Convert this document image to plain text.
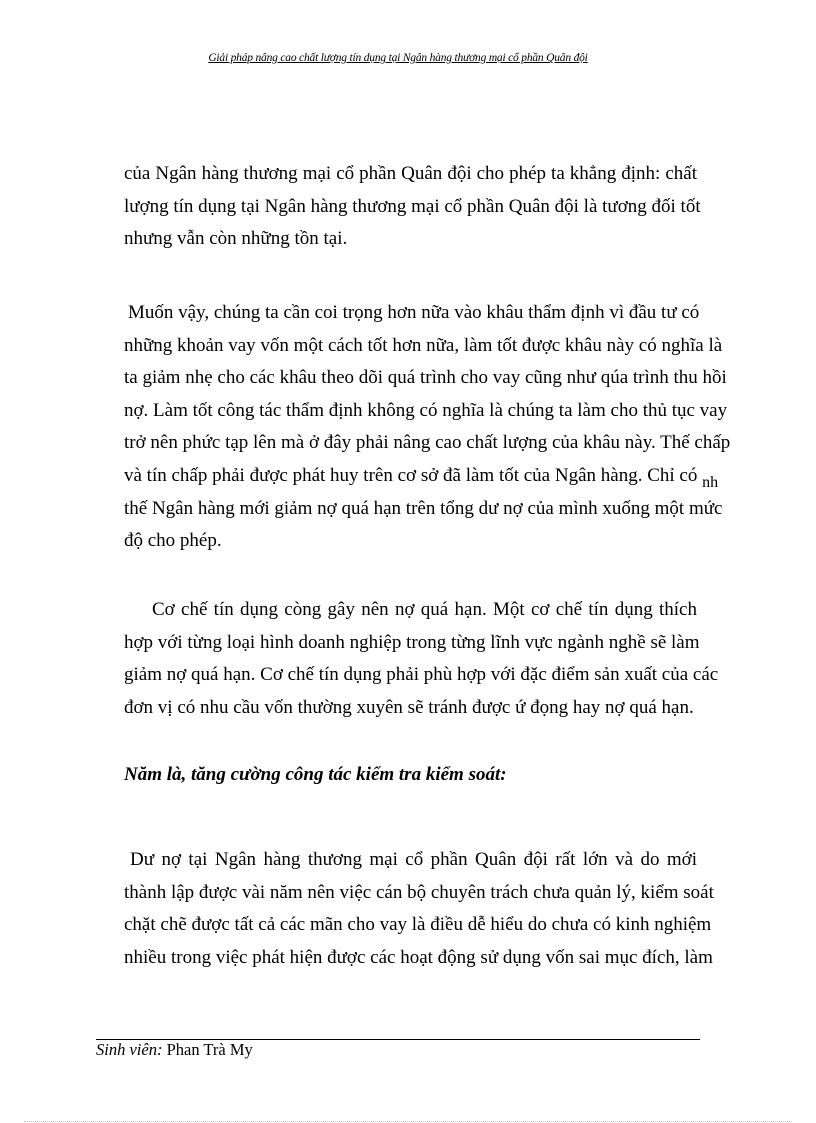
Giải pháp nâng cao chất lượng tín dụng tại Ngân hàng thương mại cổ phần Quân đội

của Ngân hàng thương mại cổ phần Quân đội cho phép ta khẳng định: chất
lượng tín dụng tại Ngân hàng thương mại cổ phần Quân đội là tương đối tốt
nhưng vẫn còn những tồn tại.

Muốn vậy, chúng ta cần coi trọng hơn nữa vào khâu thẩm định vì đầu tư có
những khoản vay vốn một cách tốt hơn nữa, làm tốt được khâu này có nghĩa là
ta giảm nhẹ cho các khâu theo dõi quá trình cho vay cũng như qúa trình thu hồi
nợ. Làm tốt công tác thẩm định không có nghĩa là chúng ta làm cho thủ tục vay
trở nên phức tạp lên mà ở đây phải nâng cao chất lượng của khâu này. Thế chấp
và tín chấp phải được phát huy trên cơ sở đã làm tốt của Ngân hàng. Chỉ có $_{nh}$
thế Ngân hàng mới giảm nợ quá hạn trên tổng dư nợ của mình xuống một mức
độ cho phép.

Cơ chế tín dụng còng gây nên nợ quá hạn. Một cơ chế tín dụng thích
hợp với từng loại hình doanh nghiệp trong từng lĩnh vực ngành nghề sẽ làm
giảm nợ quá hạn. Cơ chế tín dụng phải phù hợp với đặc điểm sản xuất của các
đơn vị có nhu cầu vốn thường xuyên sẽ tránh được ứ đọng hay nợ quá hạn.

Năm là, tăng cường công tác kiểm tra kiểm soát:

Dư nợ tại Ngân hàng thương mại cổ phần Quân đội rất lớn và do mới
thành lập được vài năm nên việc cán bộ chuyên trách chưa quản lý, kiểm soát
chặt chẽ được tất cả các mãn cho vay là điều dễ hiểu do chưa có kinh nghiệm
nhiều trong việc phát hiện được các hoạt động sử dụng vốn sai mục đích, làm

Sinh viên: Phan Trà My
